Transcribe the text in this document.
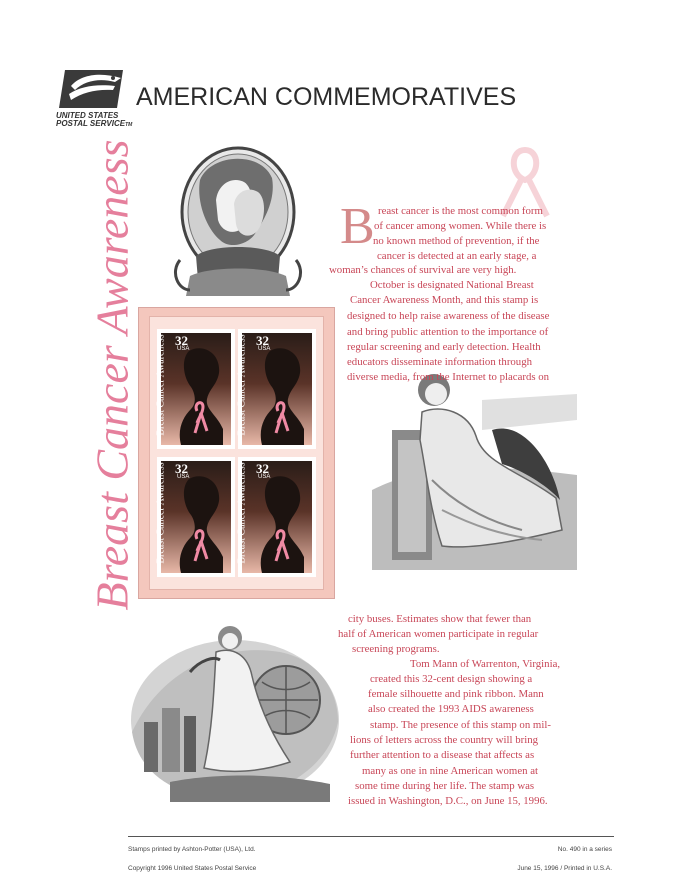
UNITED STATES
POSTAL SERVICETM
AMERICAN COMMEMORATIVES
Breast Cancer Awareness Breast Cancer Awareness 32
USA	Breast Cancer Awareness 32
USA
Breast Cancer Awareness 32
USA	Breast Cancer Awareness 32
USA
B reast cancer is the most common form
of cancer among women. While there is
no known method of prevention, if the
cancer is detected at an early stage, a
woman’s chances of survival are very high.
October is designated National Breast
Cancer Awareness Month, and this stamp is
designed to help raise awareness of the disease
and bring public attention to the importance of
regular screening and early detection. Health
educators disseminate information through
diverse media, from the Internet to placards on
city buses. Estimates show that fewer than
half of American women participate in regular
screening programs.
Tom Mann of Warrenton, Virginia,
created this 32-cent design showing a
female silhouette and pink ribbon. Mann
also created the 1993 AIDS awareness
stamp. The presence of this stamp on mil-
lions of letters across the country will bring
further attention to a disease that affects as
many as one in nine American women at
some time during her life. The stamp was
issued in Washington, D.C., on June 15, 1996.
Stamps printed by Ashton-Potter (USA), Ltd.
Copyright 1996 United States Postal Service
No. 490 in a series
June 15, 1996 / Printed in U.S.A.
